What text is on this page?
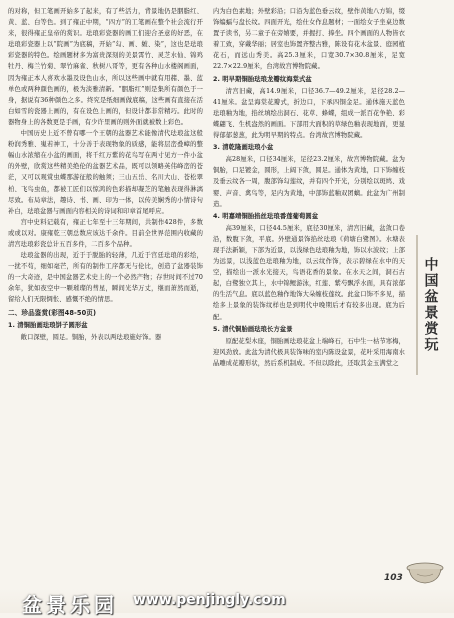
的对称，但工笔画开始多了起来，有了些活力，背景地仍是胭脂红、黄、蓝、白等色。到了雍正中期，“四方”的工笔画在整个社会流行开来，很得雍正皇帝的赏识。珐琅彩瓷器的画工们迎合圣意的好恶，在珐琅彩瓷器上以“院画”为底稿，开始“勾、画、皴、染”，这也是珐琅彩瓷器的特色。绘画题材多为富贵深刻的美景霄竹、灵芝水仙、锦鸡牡丹、梅兰竹菊、翠竹麻雀、秋树八哥等，更有各种山水楼阁画面，因为雍正本人喜欢水墨及设色山水，所以这些画中就有用赭、墨、蓝单色或两种颜色画的，极为淡雅清新。“胭脂红”则是集所有颜色于一身，据说有36种颜色之多。终究是纸细画做底稿，这些画有直接在活白如雪的瓷器上画的，有在设色上画的，但设计都非常精巧。此时的器物身上的各数更是手画，有少许里画的则外面就被数上彩色。

中国历史上近不曾有哪一个王朝的盆器艺术能像清代珐琅盆这般粉润秀雅、嵬若神工，十分善于表现物象的质感，能将层峦叠嶂的整幅山水浓缩在小盆的画面，将千红万紫的花鸟写在两寸见方一件小盆的外壁，欣赏这些精美绝伦的盆器艺术品，既可以领略英伟峰峦的苍茫，又可以观赏虫蝶那游征般的触须；三山五岳、名川大山、苍松翠柏、飞鸟虫鱼，都被工匠们以惊鸿的色彩描却凝芝的笔触表现得淋漓尽致。布局章法，趣诗、书、画、印为一体，以传美娴秀的小情诗句补白，珐琅盆器与画面内容相关的诗词和印章首尾呼应。

宫中史料记载有，雍正七年至十三年期间，共制作428件，多数或或以对。康雍乾三朝总数应该达千余件。目前全世界范围内收藏的清宫珐琅彩瓷总计五百多件，二百多个品种。

珐琅盆器的出现，近于于脱胎的轻薄，几近于宫廷珐琅的彩绘，一扰不苟，细如毫芒，所有的制作工序都无与伦比，创造了盆器装饰的一大奇迹，是中国盆器艺术史上的一个必然产物；存世时间不过70余年，犹如夜空中一颗璀璨的彗星，瞬间光华万丈，继而萧然而逝，留给人们无限惆怅、感慨不绝的情思。

二、珍品鉴赏(彩图48-50页)
1. 清铜胎画珐琅饼子圆形盆

敞口深壁，圆足。铜胎，外表以两珐琅施好饰。器

内为白色素地；外壁彩沿；口沿为蓝色垂云纹，壁作黄地八方锦，缀饰编蝠与盘长纹。四面开光，绘仕女作息题材；一面绘女子坐桌边数置子读书，另二童子在旁嬉要，并握打、捧坐。四个画面的人物皆衣着工致，穿戴华丽；居室也饰置齐整古雅，陈设有花木盆景、庭园植花石，而远山秀美。高25.3厘米，口宽30.7×30.8厘米，足宽22.7×22.9厘米，台湾故宫博物院藏。

2. 明早期铜胎珐琅龙瓣纹海棠式盆

清宫旧藏，高14.9厘米，口径36.7—49.2厘米，足径28.2—41厘米。盆呈海棠花瓣式，折边口，下承四铜金足。通体施天蓝色珐琅釉为地，掐丝填绘出洞石、花草、蜂蝶，组成一派百花争艳、彩蝶翩飞、生机盎然的画面。下部用大面积的草绿色釉表现地面，更显得郁郁葱葱，此为明早期的特点。台湾故宫博物院藏。

3. 清乾隆画珐琅小盆

高28厘米，口径34厘米，足径23.2厘米，故宫博物院藏。盆为铜胎，口足镀金，圆形，上阔下敛，圆足。通体为黄地，口下饰缠枝及垂云纹各一周，腹部饰勾莲纹，并有四个开光，分别绘以斑鸠、戏婴、声音、禽鸟等，足内为黄地，中部饰蓝釉双团螭。此盆为广州制造。

4. 明嘉靖铜胎掐丝珐琅番莲葡萄圆盆

高39厘米，口径44.5厘米，底径30厘米，清宫旧藏，盆敛口卷沿，数腹下敛，平底。外壁通景饰掐丝珐琅《荷塘白鹭图》。水塘表现手法新颖，下部为近景，以浅绿色珐琅釉为地，饰以水波纹；上部为远景，以浅蓝色珐琅釉为地，以云纹作饰，表示碧绿在水中的天空，描绘出一派水光接天，鸟语花香的景象。在水天之间，洞石古起，白鹭独立其上，水中锦鲤游泳，红莲、紫芍飘浮水面，具有浓郁的生活气息。底以蓝色釉作地饰大朵缠枝莲纹。此盆口饰不多见，描绘多上景象的装饰纹样也是到明代中晚期后才有较多出现。底为后配。

5. 清代铜胎画珐琅长方盆景

原配花梨木座，铜胎画珐琅花盆上端峰石，石中生一枯节寒梅，迎风劲放。此盆为清代极具装饰味的室内陈设盆景，花叶采用海南水晶雕成花瓣形状，然后系机制成。不但以除此，还取其金玉满堂之

中国盆景赏玩
103
盆景乐园 www.penjingly.com
